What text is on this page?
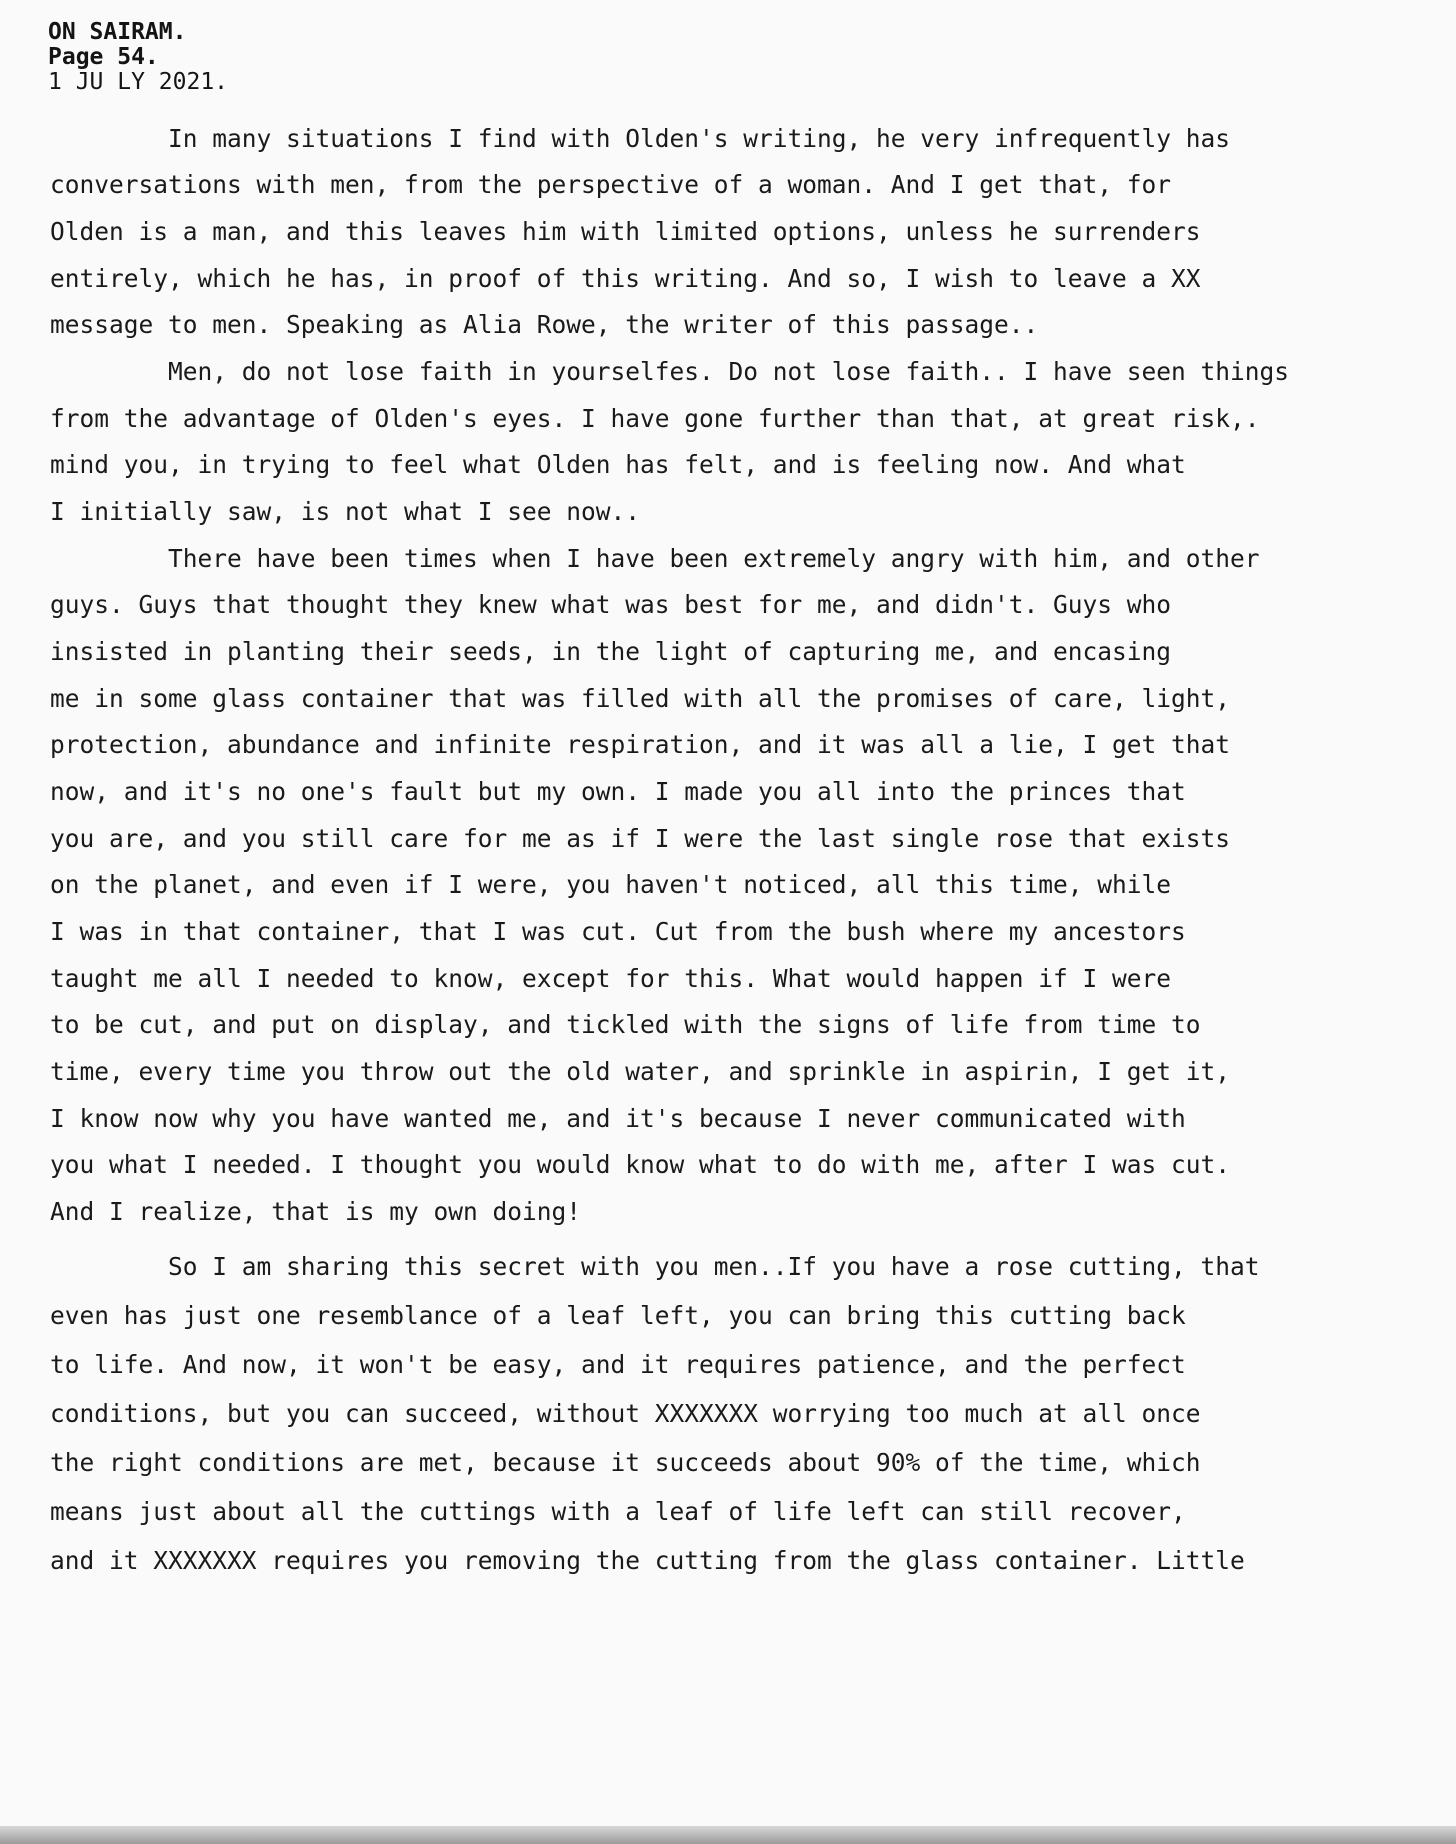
ON SAIRAM.
Page 54.
1 JU LY 2021.
In many situations I find with Olden's writing, he very infrequently has
conversations with men, from the perspective of a woman. And I get that, for
Olden is a man, and this leaves him with limited options, unless he surrenders
entirely, which he has, in proof of this writing. And so, I wish to leave a XX
message to men. Speaking as Alia Rowe, the writer of this passage..
Men, do not lose faith in yourselfes. Do not lose faith.. I have seen things
from the advantage of Olden's eyes. I have gone further than that, at great risk,.
mind you, in trying to feel what Olden has felt, and is feeling now. And what
I initially saw, is not what I see now..
There have been times when I have been extremely angry with him, and other
guys. Guys that thought they knew what was best for me, and didn't. Guys who
insisted in planting their seeds, in the light of capturing me, and encasing
me in some glass container that was filled with all the promises of care, light,
protection, abundance and infinite respiration, and it was all a lie, I get that
now, and it's no one's fault but my own. I made you all into the princes that
you are, and you still care for me as if I were the last single rose that exists
on the planet, and even if I were, you haven't noticed, all this time, while
I was in that container, that I was cut. Cut from the bush where my ancestors
taught me all I needed to know, except for this. What would happen if I were
to be cut, and put on display, and tickled with the signs of life from time to
time, every time you throw out the old water, and sprinkle in aspirin, I get it,
I know now why you have wanted me, and it's because I never communicated with
you what I needed. I thought you would know what to do with me, after I was cut.
And I realize, that is my own doing!
So I am sharing this secret with you men..If you have a rose cutting, that
even has just one resemblance of a leaf left, you can bring this cutting back
to life. And now, it won't be easy, and it requires patience, and the perfect
conditions, but you can succeed, without XXXXXXX worrying too much at all once
the right conditions are met, because it succeeds about 90% of the time, which
means just about all the cuttings with a leaf of life left can still recover,
and it XXXXXXX requires you removing the cutting from the glass container. Little
